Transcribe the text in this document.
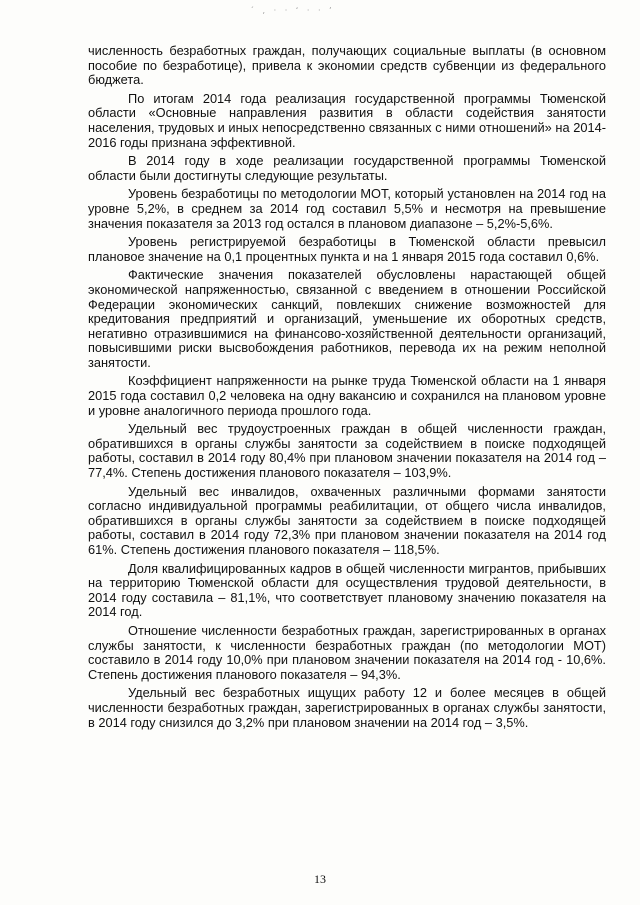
´ , · · ʻ · · ʼ

численность безработных граждан, получающих социальные выплаты (в основном пособие по безработице), привела к экономии средств субвенции из федерального бюджета.

По итогам 2014 года реализация государственной программы Тюменской области «Основные направления развития в области содействия занятости населения, трудовых и иных непосредственно связанных с ними отношений» на 2014-2016 годы признана эффективной.

В 2014 году в ходе реализации государственной программы Тюменской области были достигнуты следующие результаты.

Уровень безработицы по методологии МОТ, который установлен на 2014 год на уровне 5,2%, в среднем за 2014 год составил 5,5% и несмотря на превышение значения показателя за 2013 год остался в плановом диапазоне – 5,2%-5,6%.

Уровень регистрируемой безработицы в Тюменской области превысил плановое значение на 0,1 процентных пункта и на 1 января 2015 года составил 0,6%.

Фактические значения показателей обусловлены нарастающей общей экономической напряженностью, связанной с введением в отношении Российской Федерации экономических санкций, повлекших снижение возможностей для кредитования предприятий и организаций, уменьшение их оборотных средств, негативно отразившимися на финансово-хозяйственной деятельности организаций, повысившими риски высвобождения работников, перевода их на режим неполной занятости.

Коэффициент напряженности на рынке труда Тюменской области на 1 января 2015 года составил 0,2 человека на одну вакансию и сохранился на плановом уровне и уровне аналогичного периода прошлого года.

Удельный вес трудоустроенных граждан в общей численности граждан, обратившихся в органы службы занятости за содействием в поиске подходящей работы, составил в 2014 году 80,4% при плановом значении показателя на 2014 год – 77,4%. Степень достижения планового показателя – 103,9%.

Удельный вес инвалидов, охваченных различными формами занятости согласно индивидуальной программы реабилитации, от общего числа инвалидов, обратившихся в органы службы занятости за содействием в поиске подходящей работы, составил в 2014 году 72,3% при плановом значении показателя на 2014 год 61%. Степень достижения планового показателя – 118,5%.

Доля квалифицированных кадров в общей численности мигрантов, прибывших на территорию Тюменской области для осуществления трудовой деятельности, в 2014 году составила – 81,1%, что соответствует плановому значению показателя на 2014 год.

Отношение численности безработных граждан, зарегистрированных в органах службы занятости, к численности безработных граждан (по методологии МОТ) составило в 2014 году 10,0% при плановом значении показателя на 2014 год - 10,6%. Степень достижения планового показателя – 94,3%.

Удельный вес безработных ищущих работу 12 и более месяцев в общей численности безработных граждан, зарегистрированных в органах службы занятости, в 2014 году снизился до 3,2% при плановом значении на 2014 год – 3,5%.

13
